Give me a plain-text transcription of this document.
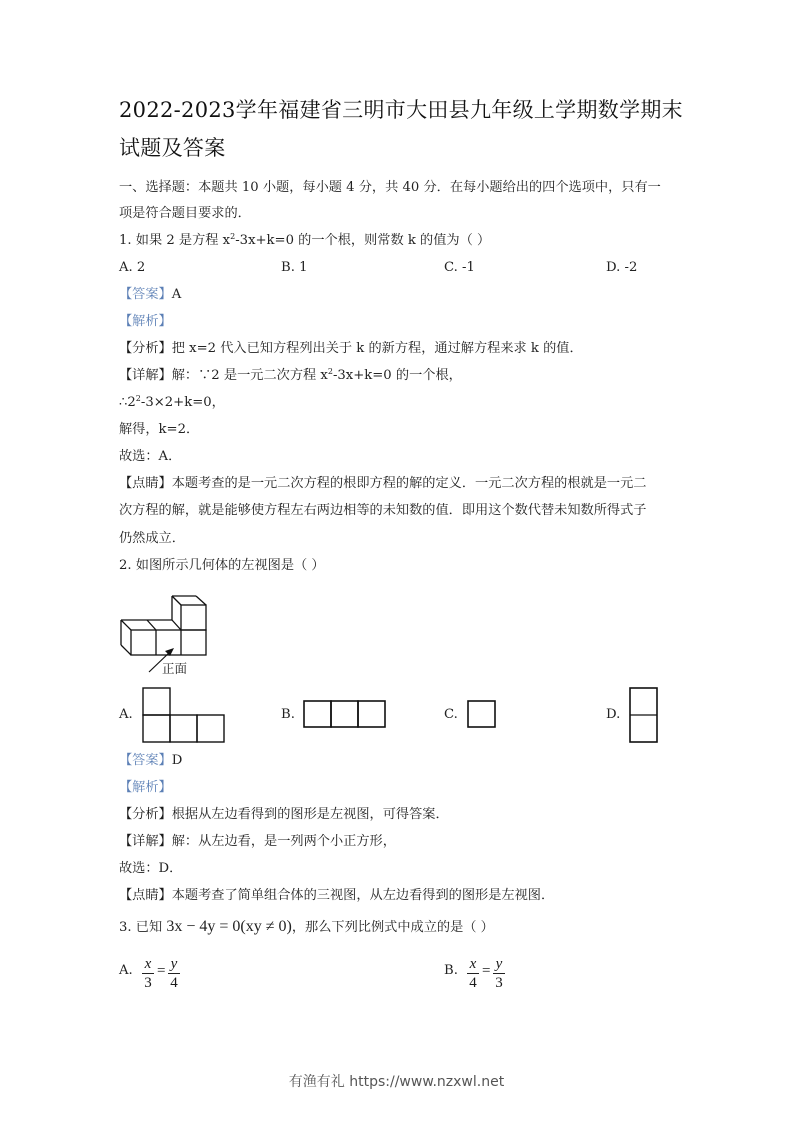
2022-2023学年福建省三明市大田县九年级上学期数学期末
试题及答案
一、选择题：本题共 10 小题，每小题 4 分，共 40 分．在每小题给出的四个选项中，只有一
项是符合题目要求的．
1. 如果 2 是方程 $x^2-3x+k=0$ 的一个根，则常数 k 的值为（ ）
A. 2	B. 1	C. -1	D. -2
【答案】A
【解析】
【分析】把 x=2 代入已知方程列出关于 k 的新方程，通过解方程来求 k 的值．
【详解】解：∵2 是一元二次方程 $x^2-3x+k=0$ 的一个根，
$\therefore 2^2-3\times 2+k=0$，
解得，k=2．
故选：A．
【点睛】本题考查的是一元二次方程的根即方程的解的定义．一元二次方程的根就是一元二
次方程的解，就是能够使方程左右两边相等的未知数的值．即用这个数代替未知数所得式子
仍然成立．
2. 如图所示几何体的左视图是（ ）
正面
A.	B.	C.	D.
【答案】D
【解析】
【分析】根据从左边看得到的图形是左视图，可得答案．
【详解】解：从左边看，是一列两个小正方形，
故选：D．
【点睛】本题考查了简单组合体的三视图，从左边看得到的图形是左视图．
3. 已知 3x − 4y = 0(xy ≠ 0)，那么下列比例式中成立的是（ ）
A. x
3
= y
4
B. x
4
= y
3
有渔有礼 https://www.nzxwl.net
